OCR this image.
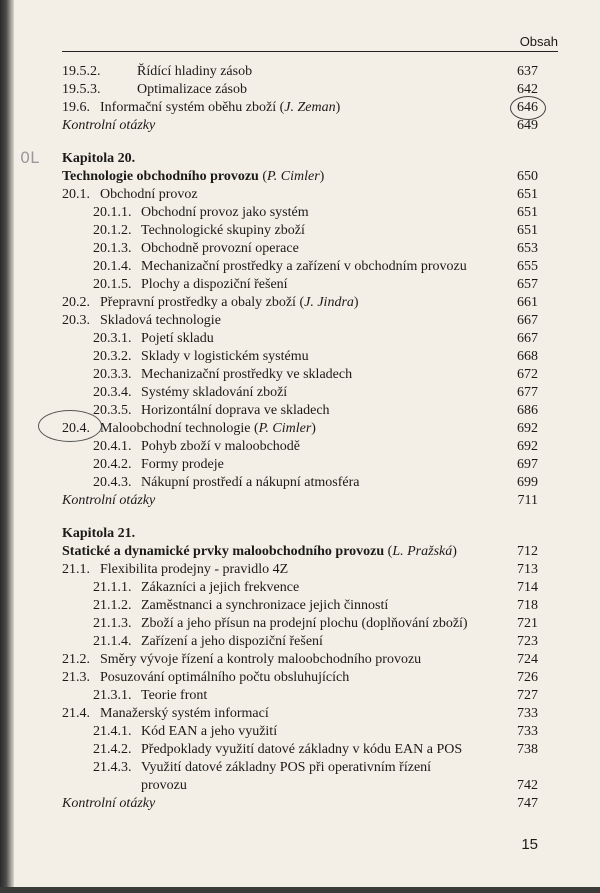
Obsah
0L
19.5.2.	Řídící hladiny zásob	637
19.5.3.	Optimalizace zásob	642
19.6. Informační systém oběhu zboží (J. Zeman)	646
Kontrolní otázky	649
Kapitola 20.
Technologie obchodního provozu (P. Cimler)	650
20.1. Obchodní provoz	651
20.1.1. Obchodní provoz jako systém	651
20.1.2. Technologické skupiny zboží	651
20.1.3. Obchodně provozní operace	653
20.1.4. Mechanizační prostředky a zařízení v obchodním provozu	655
20.1.5. Plochy a dispoziční řešení	657
20.2. Přepravní prostředky a obaly zboží (J. Jindra)	661
20.3. Skladová technologie	667
20.3.1. Pojetí skladu	667
20.3.2. Sklady v logistickém systému	668
20.3.3. Mechanizační prostředky ve skladech	672
20.3.4. Systémy skladování zboží	677
20.3.5. Horizontální doprava ve skladech	686
20.4. Maloobchodní technologie (P. Cimler)	692
20.4.1. Pohyb zboží v maloobchodě	692
20.4.2. Formy prodeje	697
20.4.3. Nákupní prostředí a nákupní atmosféra	699
Kontrolní otázky	711
Kapitola 21.
Statické a dynamické prvky maloobchodního provozu (L. Pražská)	712
21.1. Flexibilita prodejny - pravidlo 4Z	713
21.1.1. Zákazníci a jejich frekvence	714
21.1.2. Zaměstnanci a synchronizace jejich činností	718
21.1.3. Zboží a jeho přísun na prodejní plochu (doplňování zboží)	721
21.1.4. Zařízení a jeho dispoziční řešení	723
21.2. Směry vývoje řízení a kontroly maloobchodního provozu	724
21.3. Posuzování optimálního počtu obsluhujících	726
21.3.1. Teorie front	727
21.4. Manažerský systém informací	733
21.4.1. Kód EAN a jeho využití	733
21.4.2. Předpoklady využití datové základny v kódu EAN a POS	738
21.4.3. Využití datové základny POS při operativním řízení
provozu	742
Kontrolní otázky	747
15
